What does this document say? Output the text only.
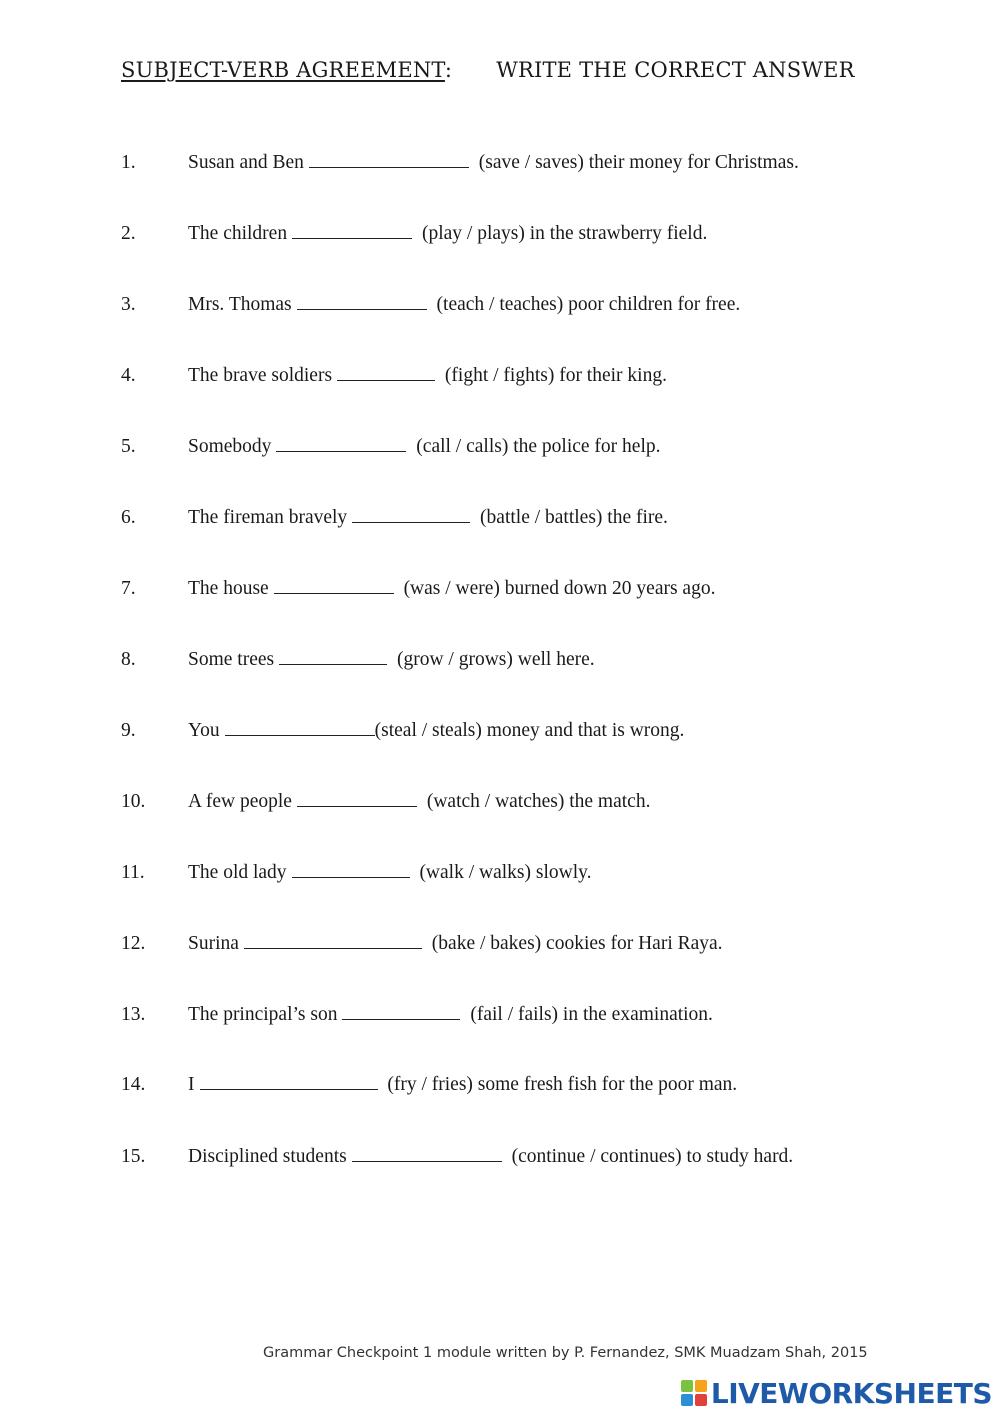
SUBJECT-VERB AGREEMENT: WRITE THE CORRECT ANSWER
1.	Susan and Ben	(save / saves) their money for Christmas.
2.	The children	(play / plays) in the strawberry field.
3.	Mrs. Thomas	(teach / teaches) poor children for free.
4.	The brave soldiers	(fight / fights) for their king.
5.	Somebody	(call / calls) the police for help.
6.	The fireman bravely	(battle / battles) the fire.
7.	The house	(was / were) burned down 20 years ago.
8.	Some trees	(grow / grows) well here.
9.	You	(steal / steals) money and that is wrong.
10.	A few people	(watch / watches) the match.
11.	The old lady	(walk / walks) slowly.
12.	Surina	(bake / bakes) cookies for Hari Raya.
13.	The principal’s son	(fail / fails) in the examination.
14.	I	(fry / fries) some fresh fish for the poor man.
15.	Disciplined students	(continue / continues) to study hard.
Grammar Checkpoint 1 module written by P. Fernandez, SMK Muadzam Shah, 2015
LIVEWORKSHEETS
